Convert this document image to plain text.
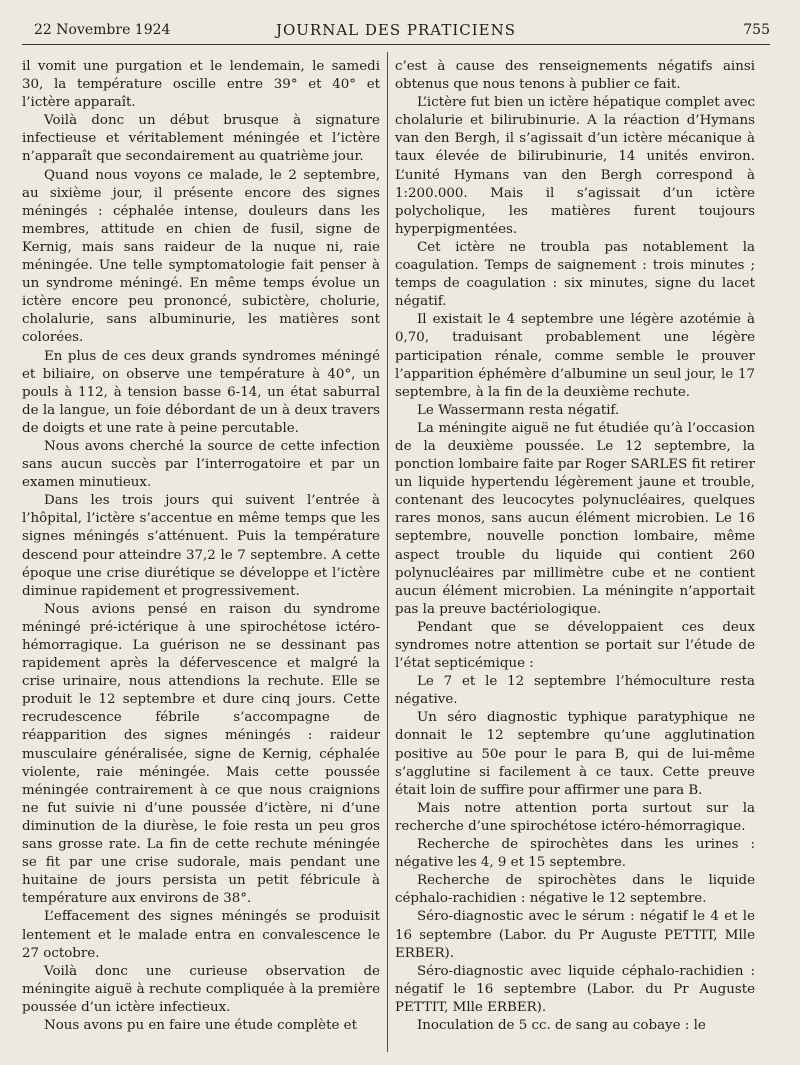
22 Novembre 1924	JOURNAL DES PRATICIENS	755

il vomit une purgation et le lendemain, le samedi 30, la température oscille entre 39° et 40° et l’ictère apparaît.

Voilà donc un début brusque à signature infectieuse et véritablement méningée et l’ictère n’apparaît que secondairement au quatrième jour.

Quand nous voyons ce malade, le 2 septembre, au sixième jour, il présente encore des signes méningés : céphalée intense, douleurs dans les membres, attitude en chien de fusil, signe de Kernig, mais sans raideur de la nuque ni, raie méningée. Une telle symptomatologie fait penser à un syndrome méningé. En même temps évolue un ictère encore peu prononcé, subictère, cholurie, cholalurie, sans albuminurie, les matières sont colorées.

En plus de ces deux grands syndromes méningé et biliaire, on observe une température à 40°, un pouls à 112, à tension basse 6-14, un état saburral de la langue, un foie débordant de un à deux travers de doigts et une rate à peine percutable.

Nous avons cherché la source de cette infection sans aucun succès par l’interrogatoire et par un examen minutieux.

Dans les trois jours qui suivent l’entrée à l’hôpital, l’ictère s’accentue en même temps que les signes méningés s’atténuent. Puis la température descend pour atteindre 37,2 le 7 septembre. A cette époque une crise diurétique se développe et l’ictère diminue rapidement et progressivement.

Nous avions pensé en raison du syndrome méningé pré-ictérique à une spirochétose ictéro-hémorragique. La guérison ne se dessinant pas rapidement après la défervescence et malgré la crise urinaire, nous attendions la rechute. Elle se produit le 12 septembre et dure cinq jours. Cette recrudescence fébrile s’accompagne de réapparition des signes méningés : raideur musculaire généralisée, signe de Kernig, céphalée violente, raie méningée. Mais cette poussée méningée contrairement à ce que nous craignions ne fut suivie ni d’une poussée d’ictère, ni d’une diminution de la diurèse, le foie resta un peu gros sans grosse rate. La fin de cette rechute méningée se fit par une crise sudorale, mais pendant une huitaine de jours persista un petit fébricule à température aux environs de 38°.

L’effacement des signes méningés se produisit lentement et le malade entra en convalescence le 27 octobre.

Voilà donc une curieuse observation de méningite aiguë à rechute compliquée à la première poussée d’un ictère infectieux.

Nous avons pu en faire une étude complète et

c’est à cause des renseignements négatifs ainsi obtenus que nous tenons à publier ce fait.

L’ictère fut bien un ictère hépatique complet avec cholalurie et bilirubinurie. A la réaction d’Hymans van den Bergh, il s’agissait d’un ictère mécanique à taux élevée de bilirubinurie, 14 unités environ. L’unité Hymans van den Bergh correspond à 1:200.000. Mais il s’agissait d’un ictère polycholique, les matières furent toujours hyperpigmentées.

Cet ictère ne troubla pas notablement la coagulation. Temps de saignement : trois minutes ; temps de coagulation : six minutes, signe du lacet négatif.

Il existait le 4 septembre une légère azotémie à 0,70, traduisant probablement une légère participation rénale, comme semble le prouver l’apparition éphémère d’albumine un seul jour, le 17 septembre, à la fin de la deuxième rechute.

Le Wassermann resta négatif.

La méningite aiguë ne fut étudiée qu’à l’occasion de la deuxième poussée. Le 12 septembre, la ponction lombaire faite par Roger SARLES fit retirer un liquide hypertendu légèrement jaune et trouble, contenant des leucocytes polynucléaires, quelques rares monos, sans aucun élément microbien. Le 16 septembre, nouvelle ponction lombaire, même aspect trouble du liquide qui contient 260 polynucléaires par millimètre cube et ne contient aucun élément microbien. La méningite n’apportait pas la preuve bactériologique.

Pendant que se développaient ces deux syndromes notre attention se portait sur l’étude de l’état septicémique :

Le 7 et le 12 septembre l’hémoculture resta négative.

Un séro diagnostic typhique paratyphique ne donnait le 12 septembre qu’une agglutination positive au 50e pour le para B, qui de lui-même s’agglutine si facilement à ce taux. Cette preuve était loin de suffire pour affirmer une para B.

Mais notre attention porta surtout sur la recherche d’une spirochétose ictéro-hémorragique.

Recherche de spirochètes dans les urines : négative les 4, 9 et 15 septembre.

Recherche de spirochètes dans le liquide céphalo-rachidien : négative le 12 septembre.

Séro-diagnostic avec le sérum : négatif le 4 et le 16 septembre (Labor. du Pr Auguste PETTIT, Mlle ERBER).

Séro-diagnostic avec liquide céphalo-rachidien : négatif le 16 septembre (Labor. du Pr Auguste PETTIT, Mlle ERBER).

Inoculation de 5 cc. de sang au cobaye : le
